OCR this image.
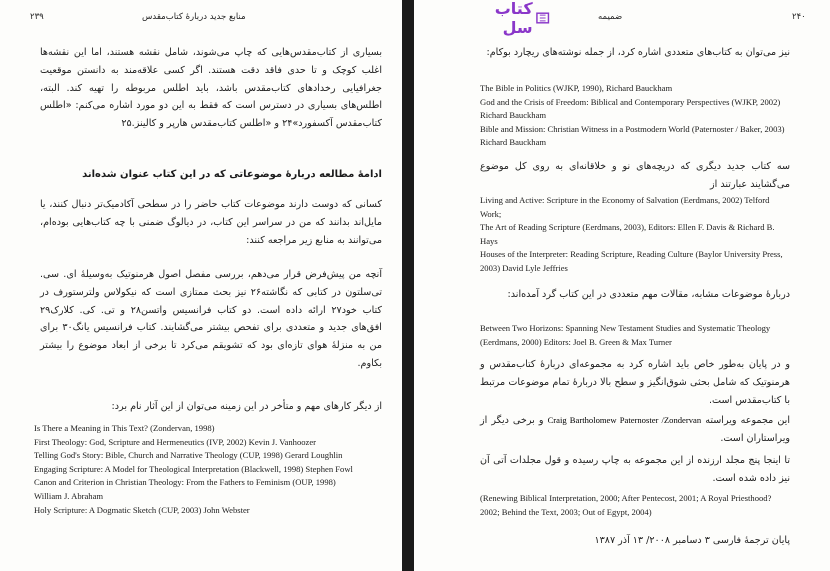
۲۳۹	منابع جدید دربارهٔ کتاب‌مقدس
بسیاری از کتاب‌مقدس‌هایی که چاپ می‌شوند، شامل نقشه هستند، اما این نقشه‌ها اغلب کوچک و تا حدی فاقد دقت هستند. اگر کسی علاقه‌مند به دانستن موقعیت جغرافیایی رخدادهای کتاب‌مقدس باشد، باید اطلس مربوطه را تهیه کند. البته، اطلس‌های بسیاری در دسترس است که فقط به این دو مورد اشاره می‌کنم: «اطلس کتاب‌مقدس آکسفورد»۲۴ و «اطلس کتاب‌مقدس هارپر و کالینز.۲۵
ادامهٔ مطالعه دربارهٔ موضوعاتی که در این کتاب عنوان شده‌اند
کسانی که دوست دارند موضوعات کتاب حاضر را در سطحی آکادمیک‌تر دنبال کنند، یا مایل‌اند بدانند که من در سراسر این کتاب، در دیالوگ ضمنی با چه کتاب‌هایی بوده‌ام، می‌توانند به منابع زیر مراجعه کنند:
آنچه من پیش‌فرض قرار می‌دهم، بررسی مفصل اصول هرمنوتیک به‌وسیلهٔ ای. سی. تی‌سلتون در کتابی که نگاشته۲۶ نیز بحث ممتازی است که نیکولاس ولترستورف در کتاب خود۲۷ ارائه داده است. دو کتاب فرانسیس واتسن۲۸ و تی. کی. کلارک۲۹ افق‌های جدید و متعددی برای تفحص بیشتر می‌گشایند. کتاب فرانسیس یانگ۳۰ برای من به منزلهٔ هوای تازه‌ای بود که تشویقم می‌کرد تا برخی از ابعاد موضوع را بیشتر بکاوم.
از دیگر کارهای مهم و متأخر در این زمینه می‌توان از این آثار نام برد:

Is There a Meaning in This Text? (Zondervan, 1998)

First Theology: God, Scripture and Hermeneutics (IVP, 2002) Kevin J. Vanhoozer

Telling God's Story: Bible, Church and Narrative Theology (CUP, 1998) Gerard Loughlin

Engaging Scripture: A Model for Theological Interpretation (Blackwell, 1998) Stephen Fowl

Canon and Criterion in Christian Theology: From the Fathers to Feminism (OUP, 1998) William J. Abraham

Holy Scripture: A Dogmatic Sketch (CUP, 2003) John Webster

کتاب سل
ضمیمه	۲۴۰
نیز می‌توان به کتاب‌های متعددی اشاره کرد، از جمله نوشته‌های ریچارد بوکام:

The Bible in Politics (WJKP, 1990), Richard Bauckham

God and the Crisis of Freedom: Biblical and Contemporary Perspectives (WJKP, 2002) Richard Bauckham

Bible and Mission: Christian Witness in a Postmodern World (Paternoster / Baker, 2003) Richard Bauckham

سه کتاب جدید دیگری که دریچه‌های نو و خلاقانه‌ای به روی کل موضوع می‌گشایند عبارتند از

Living and Active: Scripture in the Economy of Salvation (Eerdmans, 2002) Telford Work;

The Art of Reading Scripture (Eerdmans, 2003), Editors: Ellen F. Davis & Richard B. Hays

Houses of the Interpreter: Reading Scripture, Reading Culture (Baylor University Press, 2003) David Lyle Jeffries

دربارهٔ موضوعات مشابه، مقالات مهم متعددی در این کتاب گرد آمده‌اند:

Between Two Horizons: Spanning New Testament Studies and Systematic Theology (Eerdmans, 2000) Editors: Joel B. Green & Max Turner

و در پایان به‌طور خاص باید اشاره کرد به مجموعه‌ای دربارهٔ کتاب‌مقدس و هرمنوتیک که شامل بحثی شوق‌انگیز و سطح بالا دربارهٔ تمام موضوعات مرتبط با کتاب‌مقدس است.
این مجموعه ویراسته Craig Bartholomew Paternoster /Zondervan و برخی دیگر از ویراستاران است.
تا اینجا پنج مجلد ارزنده از این مجموعه به چاپ رسیده و قول مجلدات آتی آن نیز داده شده است.

(Renewing Biblical Interpretation, 2000; After Pentecost, 2001; A Royal Priesthood? 2002; Behind the Text, 2003; Out of Egypt, 2004)

پایان ترجمهٔ فارسی ۳ دسامبر ۲۰۰۸/ ۱۳ آذر ۱۳۸۷
